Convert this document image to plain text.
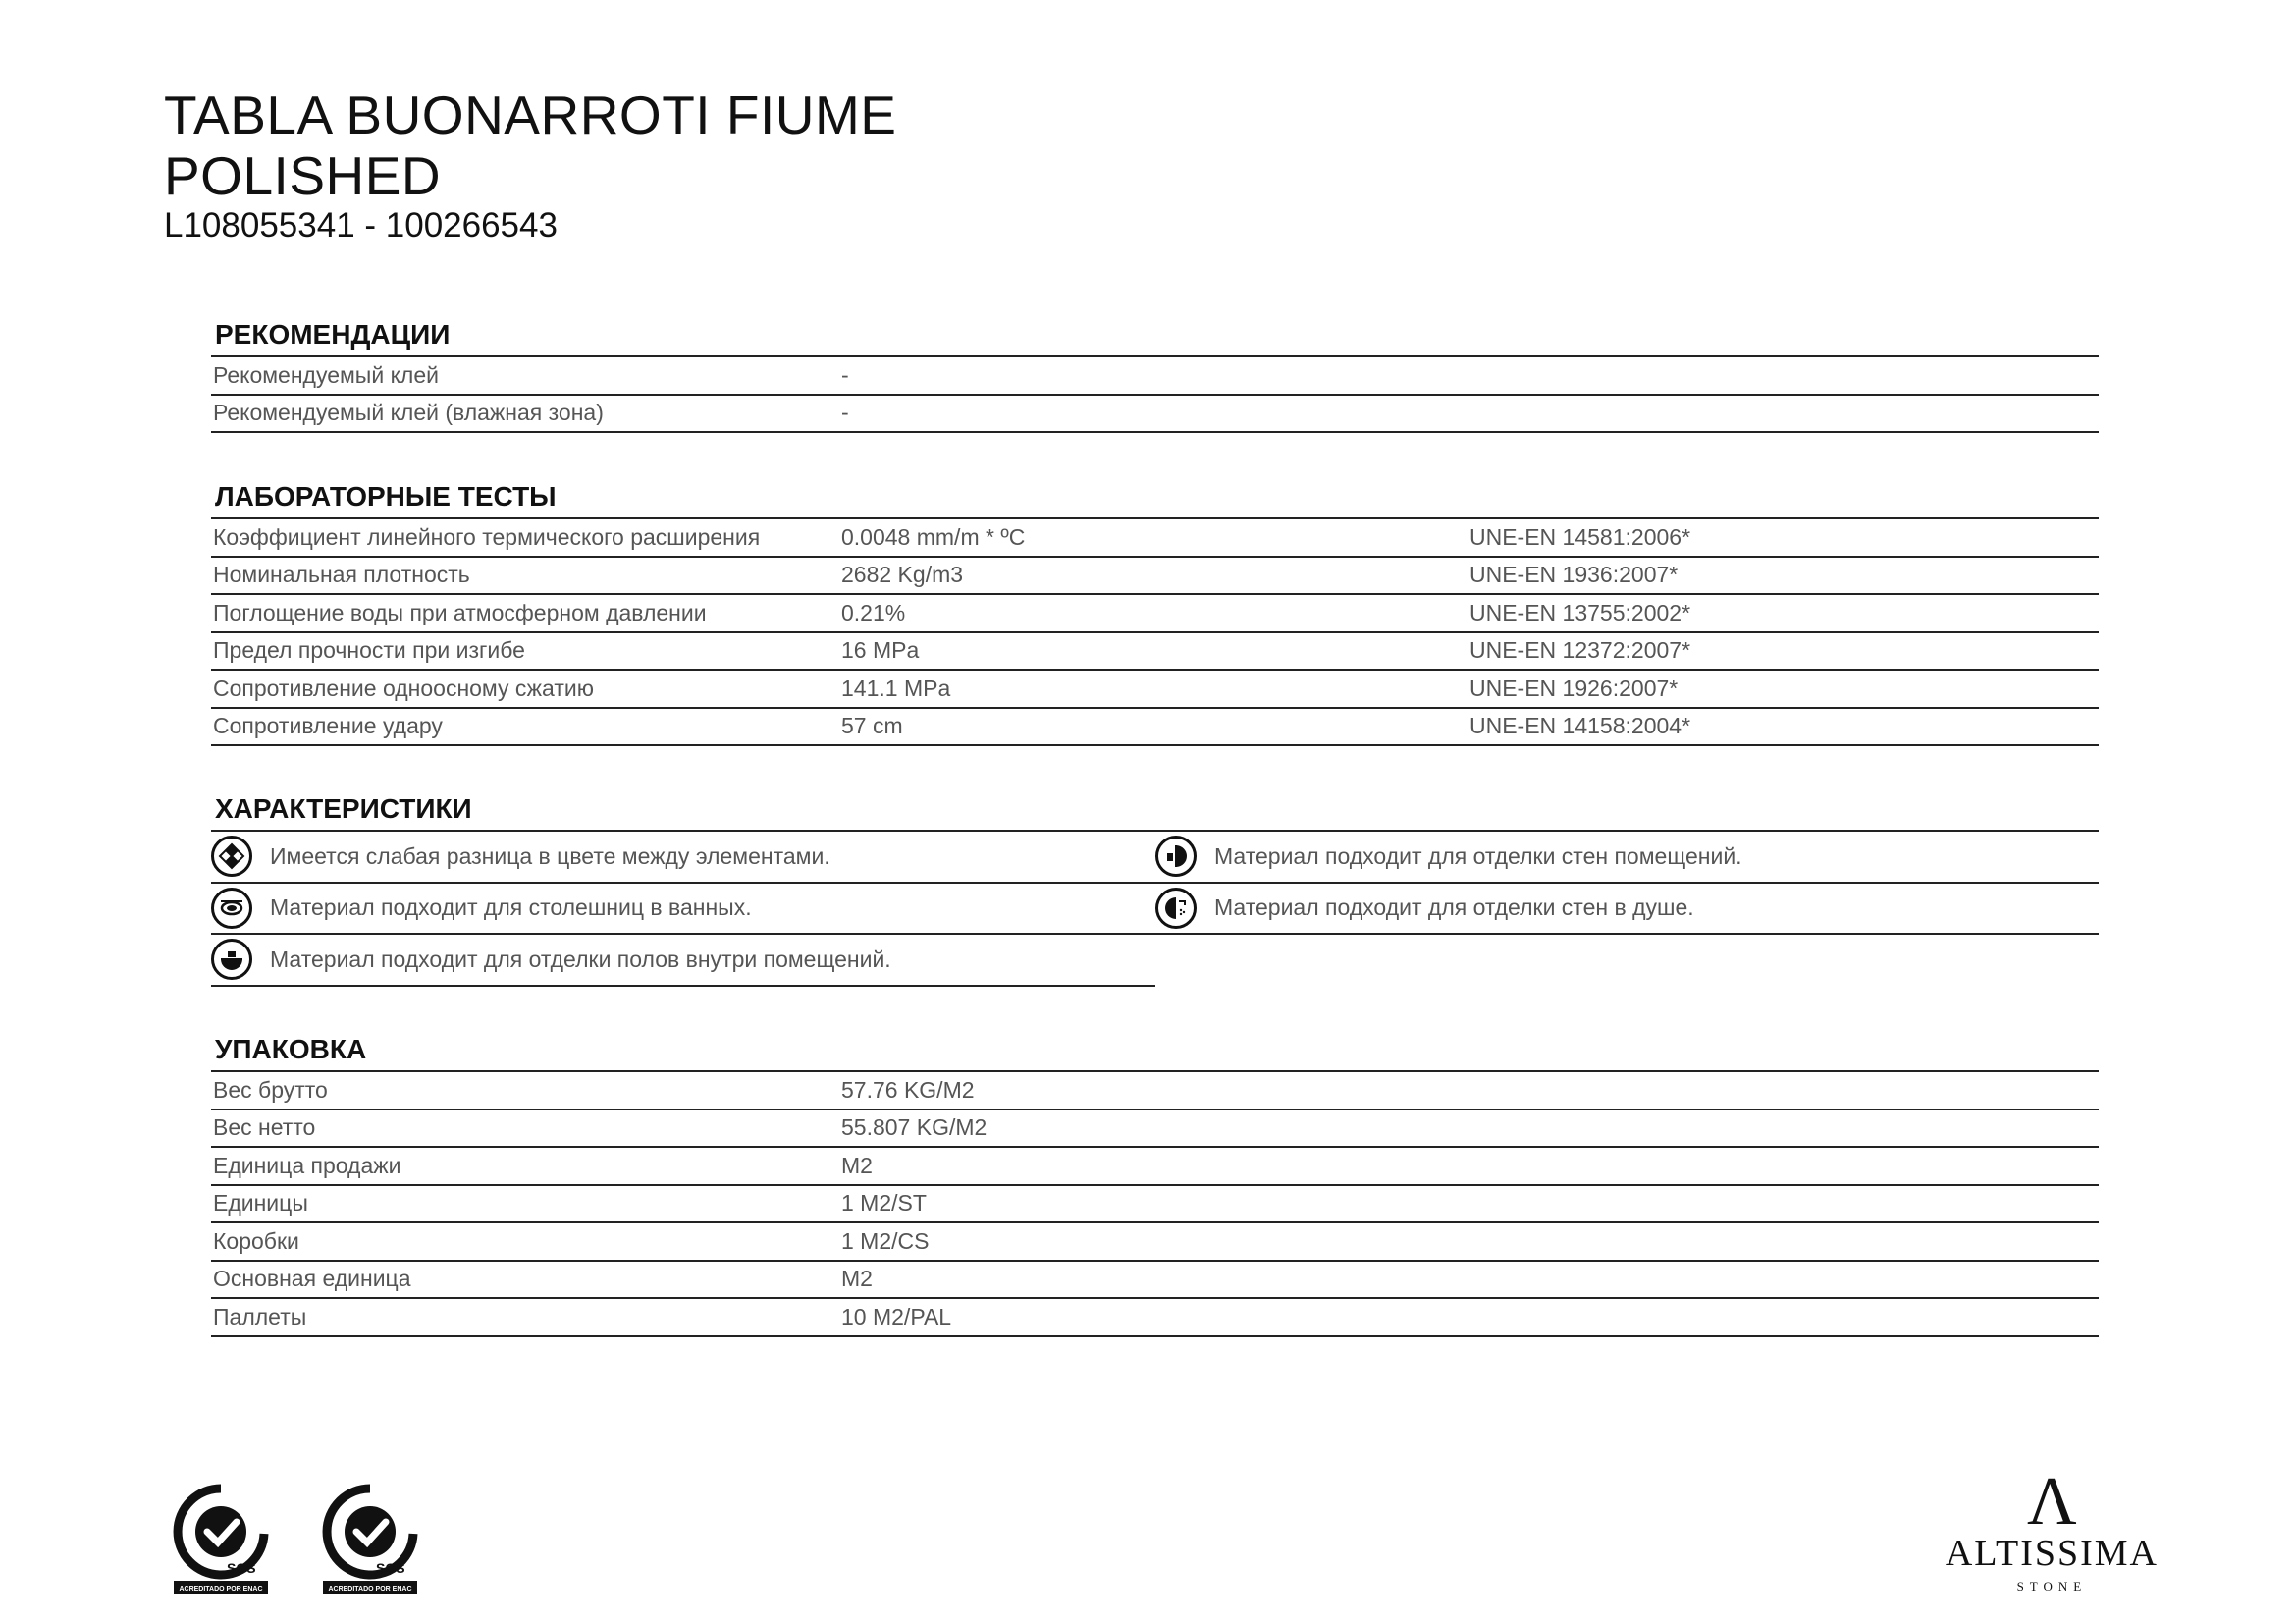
TABLA BUONARROTI FIUME
POLISHED
L108055341 - 100266543
РЕКОМЕНДАЦИИ
Рекомендуемый клей	-
Рекомендуемый клей (влажная зона)	-
ЛАБОРАТОРНЫЕ ТЕСТЫ
Коэффициент линейного термического расширения	0.0048 mm/m * ºC	UNE-EN 14581:2006*
Номинальная плотность	2682 Kg/m3	UNE-EN 1936:2007*
Поглощение воды при атмосферном давлении	0.21%	UNE-EN 13755:2002*
Предел прочности при изгибе	16 MPa	UNE-EN 12372:2007*
Сопротивление одноосному сжатию	141.1 MPa	UNE-EN 1926:2007*
Сопротивление удару	57 cm	UNE-EN 14158:2004*
ХАРАКТЕРИСТИКИ
Имеется слабая разница в цвете между элементами.	Материал подходит для отделки стен помещений.
Материал подходит для столешниц в ванных.	Материал подходит для отделки стен в душе.
Материал подходит для отделки полов внутри помещений.
УПАКОВКА
Вес брутто	57.76 KG/M2
Вес нетто	55.807 KG/M2
Единица продажи	M2
Единицы	1 M2/ST
Коробки	1 M2/CS
Основная единица	M2
Паллеты	10 M2/PAL
SGS
ACREDITADO POR ENAC
SGS
ACREDITADO POR ENAC
Λ
ALTISSIMA
STONE
